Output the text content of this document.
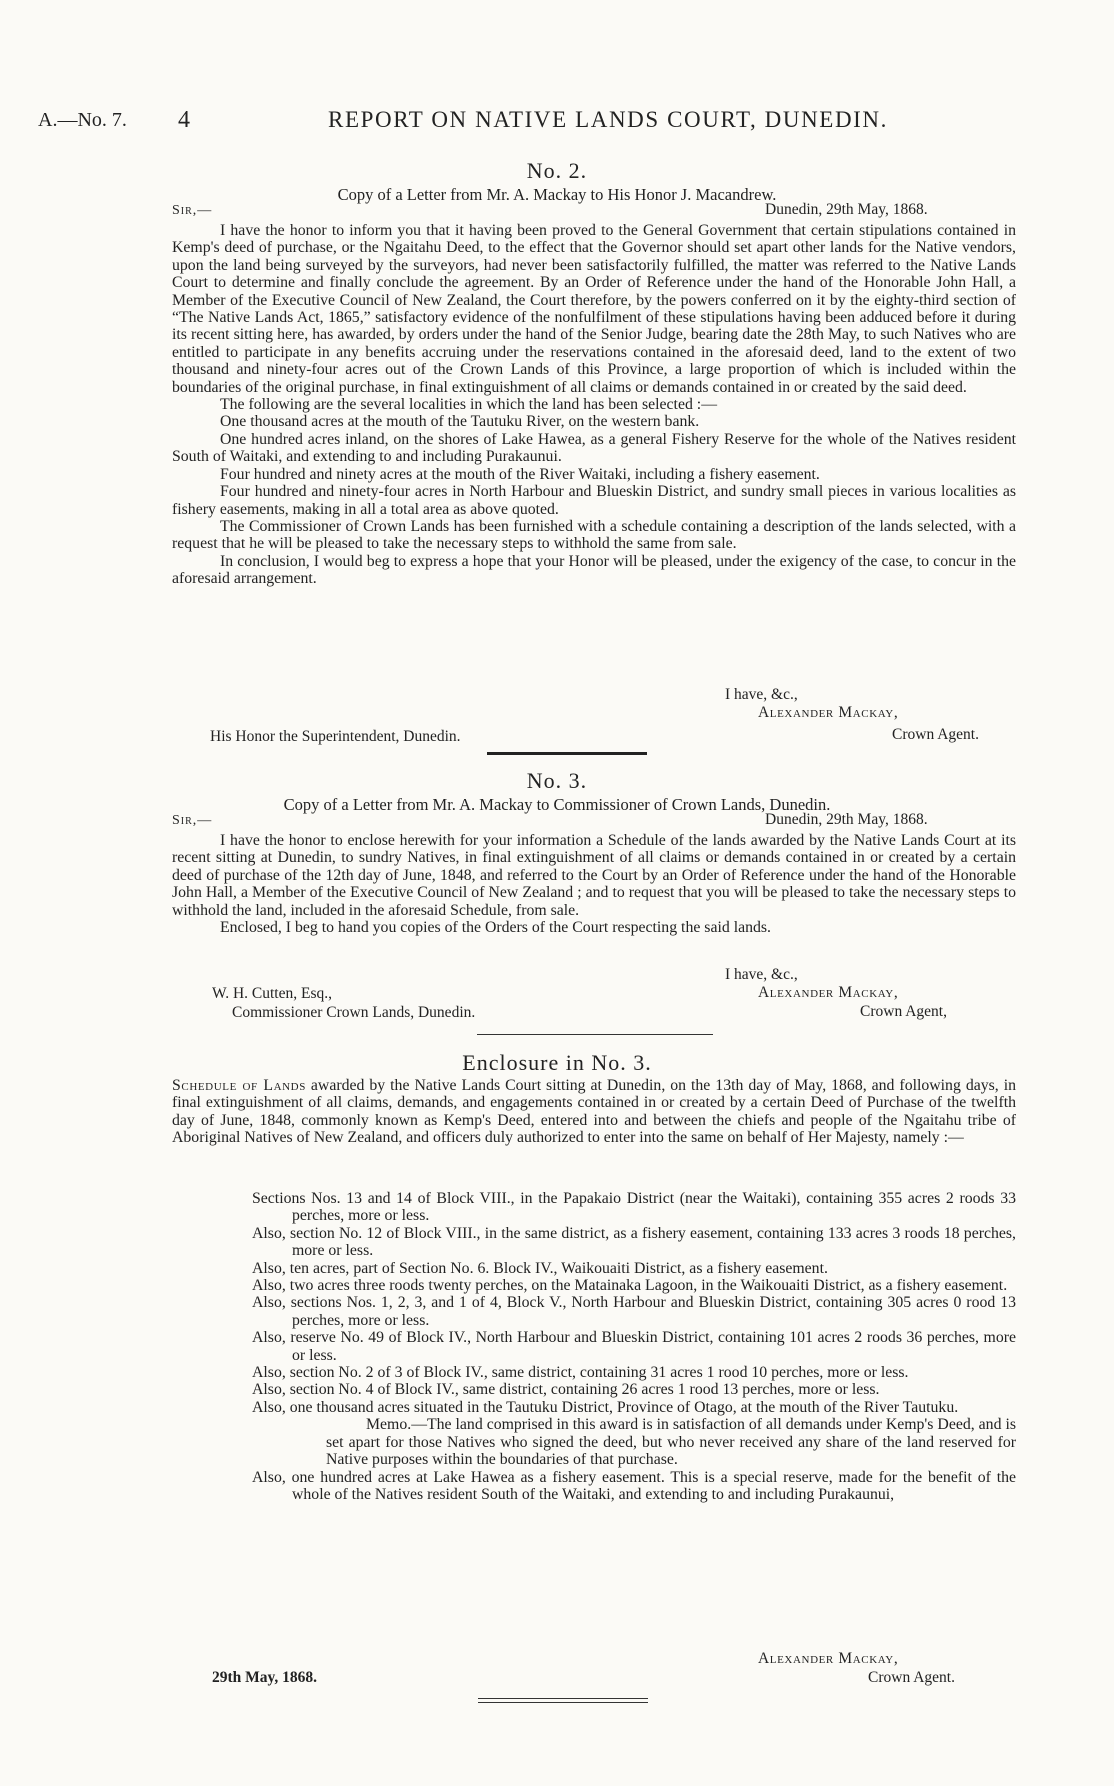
A.—No. 7. 4	REPORT ON NATIVE LANDS COURT, DUNEDIN.
No. 2.
Copy of a Letter from Mr. A. Mackay to His Honor J. Macandrew.
Sir,—	Dunedin, 29th May, 1868.

I have the honor to inform you that it having been proved to the General Government that certain stipulations contained in Kemp's deed of purchase, or the Ngaitahu Deed, to the effect that the Governor should set apart other lands for the Native vendors, upon the land being surveyed by the surveyors, had never been satisfactorily fulfilled, the matter was referred to the Native Lands Court to determine and finally conclude the agreement. By an Order of Reference under the hand of the Honorable John Hall, a Member of the Executive Council of New Zealand, the Court therefore, by the powers conferred on it by the eighty-third section of “The Native Lands Act, 1865,” satisfactory evidence of the nonfulfilment of these stipulations having been adduced before it during its recent sitting here, has awarded, by orders under the hand of the Senior Judge, bearing date the 28th May, to such Natives who are entitled to participate in any benefits accruing under the reservations contained in the aforesaid deed, land to the extent of two thousand and ninety-four acres out of the Crown Lands of this Province, a large proportion of which is included within the boundaries of the original purchase, in final extinguishment of all claims or demands contained in or created by the said deed.

The following are the several localities in which the land has been selected :—

One thousand acres at the mouth of the Tautuku River, on the western bank.

One hundred acres inland, on the shores of Lake Hawea, as a general Fishery Reserve for the whole of the Natives resident South of Waitaki, and extending to and including Purakaunui.

Four hundred and ninety acres at the mouth of the River Waitaki, including a fishery easement.

Four hundred and ninety-four acres in North Harbour and Blueskin District, and sundry small pieces in various localities as fishery easements, making in all a total area as above quoted.

The Commissioner of Crown Lands has been furnished with a schedule containing a description of the lands selected, with a request that he will be pleased to take the necessary steps to withhold the same from sale.

In conclusion, I would beg to express a hope that your Honor will be pleased, under the exigency of the case, to concur in the aforesaid arrangement.

I have, &c.,
Alexander Mackay,
His Honor the Superintendent, Dunedin.	Crown Agent.
No. 3.
Copy of a Letter from Mr. A. Mackay to Commissioner of Crown Lands, Dunedin.
Sir,—	Dunedin, 29th May, 1868.

I have the honor to enclose herewith for your information a Schedule of the lands awarded by the Native Lands Court at its recent sitting at Dunedin, to sundry Natives, in final extinguishment of all claims or demands contained in or created by a certain deed of purchase of the 12th day of June, 1848, and referred to the Court by an Order of Reference under the hand of the Honorable John Hall, a Member of the Executive Council of New Zealand ; and to request that you will be pleased to take the necessary steps to withhold the land, included in the aforesaid Schedule, from sale.

Enclosed, I beg to hand you copies of the Orders of the Court respecting the said lands.

I have, &c.,
W. H. Cutten, Esq.,	Alexander Mackay,
Commissioner Crown Lands, Dunedin.	Crown Agent,
Enclosure in No. 3.

Schedule of Lands awarded by the Native Lands Court sitting at Dunedin, on the 13th day of May, 1868, and following days, in final extinguishment of all claims, demands, and engagements contained in or created by a certain Deed of Purchase of the twelfth day of June, 1848, commonly known as Kemp's Deed, entered into and between the chiefs and people of the Ngaitahu tribe of Aboriginal Natives of New Zealand, and officers duly authorized to enter into the same on behalf of Her Majesty, namely :—

Sections Nos. 13 and 14 of Block VIII., in the Papakaio District (near the Waitaki), containing 355 acres 2 roods 33 perches, more or less.

Also, section No. 12 of Block VIII., in the same district, as a fishery easement, containing 133 acres 3 roods 18 perches, more or less.

Also, ten acres, part of Section No. 6. Block IV., Waikouaiti District, as a fishery easement.

Also, two acres three roods twenty perches, on the Matainaka Lagoon, in the Waikouaiti District, as a fishery easement.

Also, sections Nos. 1, 2, 3, and 1 of 4, Block V., North Harbour and Blueskin District, containing 305 acres 0 rood 13 perches, more or less.

Also, reserve No. 49 of Block IV., North Harbour and Blueskin District, containing 101 acres 2 roods 36 perches, more or less.

Also, section No. 2 of 3 of Block IV., same district, containing 31 acres 1 rood 10 perches, more or less.

Also, section No. 4 of Block IV., same district, containing 26 acres 1 rood 13 perches, more or less.

Also, one thousand acres situated in the Tautuku District, Province of Otago, at the mouth of the River Tautuku.

Memo.—The land comprised in this award is in satisfaction of all demands under Kemp's Deed, and is set apart for those Natives who signed the deed, but who never received any share of the land reserved for Native purposes within the boundaries of that purchase.

Also, one hundred acres at Lake Hawea as a fishery easement. This is a special reserve, made for the benefit of the whole of the Natives resident South of the Waitaki, and extending to and including Purakaunui,

Alexander Mackay,
29th May, 1868.	Crown Agent.
